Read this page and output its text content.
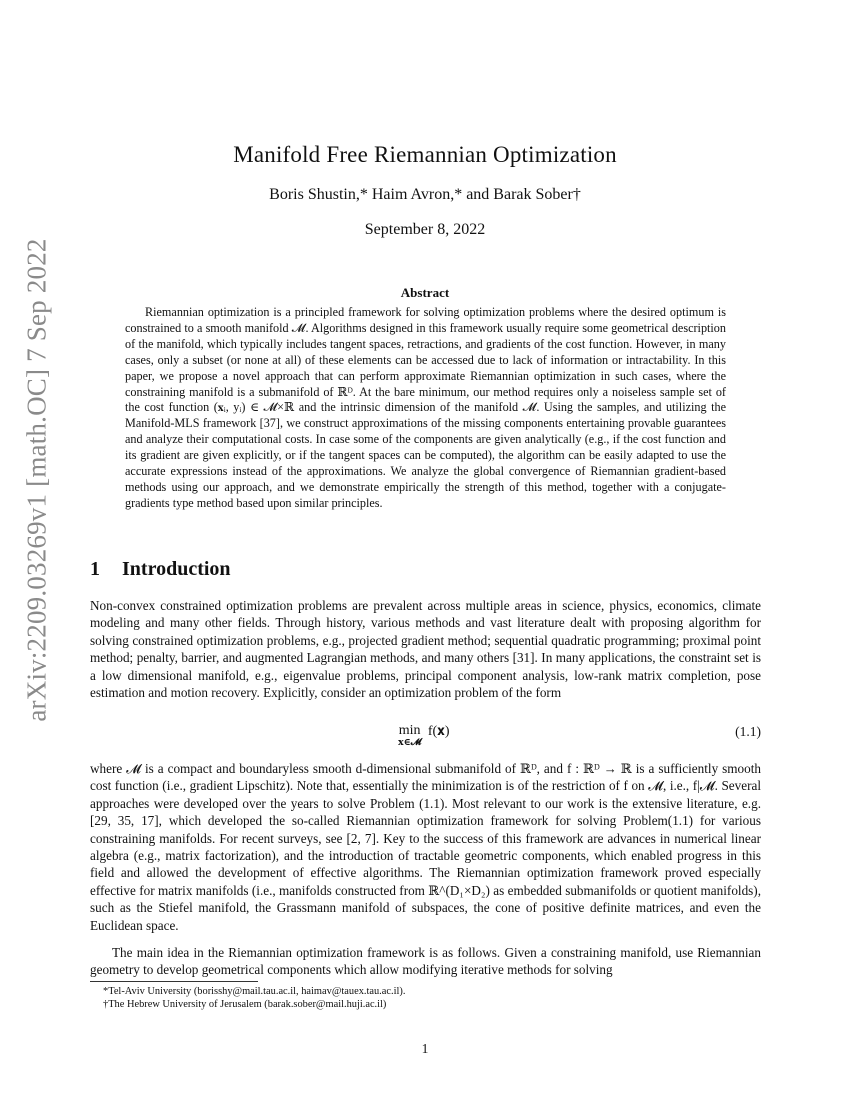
arXiv:2209.03269v1 [math.OC] 7 Sep 2022
Manifold Free Riemannian Optimization
Boris Shustin,* Haim Avron,* and Barak Sober†
September 8, 2022
Abstract

Riemannian optimization is a principled framework for solving optimization problems where the desired optimum is constrained to a smooth manifold 𝓜. Algorithms designed in this framework usually require some geometrical description of the manifold, which typically includes tangent spaces, retractions, and gradients of the cost function. However, in many cases, only a subset (or none at all) of these elements can be accessed due to lack of information or intractability. In this paper, we propose a novel approach that can perform approximate Riemannian optimization in such cases, where the constraining manifold is a submanifold of ℝᴰ. At the bare minimum, our method requires only a noiseless sample set of the cost function (𝐱ᵢ, yᵢ) ∈ 𝓜×ℝ and the intrinsic dimension of the manifold 𝓜. Using the samples, and utilizing the Manifold-MLS framework [37], we construct approximations of the missing components entertaining provable guarantees and analyze their computational costs. In case some of the components are given analytically (e.g., if the cost function and its gradient are given explicitly, or if the tangent spaces can be computed), the algorithm can be easily adapted to use the accurate expressions instead of the approximations. We analyze the global convergence of Riemannian gradient-based methods using our approach, and we demonstrate empirically the strength of this method, together with a conjugate-gradients type method based upon similar principles.

1 Introduction

Non-convex constrained optimization problems are prevalent across multiple areas in science, physics, economics, climate modeling and many other fields. Through history, various methods and vast literature dealt with proposing algorithm for solving constrained optimization problems, e.g., projected gradient method; sequential quadratic programming; proximal point method; penalty, barrier, and augmented Lagrangian methods, and many others [31]. In many applications, the constraint set is a low dimensional manifold, e.g., eigenvalue problems, principal component analysis, low-rank matrix completion, pose estimation and motion recovery. Explicitly, consider an optimization problem of the form

min
𝐱∈𝓜
f(𝐱)	(1.1)

where 𝓜 is a compact and boundaryless smooth d-dimensional submanifold of ℝᴰ, and f : ℝᴰ → ℝ is a sufficiently smooth cost function (i.e., gradient Lipschitz). Note that, essentially the minimization is of the restriction of f on 𝓜, i.e., f|𝓜. Several approaches were developed over the years to solve Problem (1.1). Most relevant to our work is the extensive literature, e.g. [29, 35, 17], which developed the so-called Riemannian optimization framework for solving Problem(1.1) for various constraining manifolds. For recent surveys, see [2, 7]. Key to the success of this framework are advances in numerical linear algebra (e.g., matrix factorization), and the introduction of tractable geometric components, which enabled progress in this field and allowed the development of effective algorithms. The Riemannian optimization framework proved especially effective for matrix manifolds (i.e., manifolds constructed from ℝ^(D₁×D₂) as embedded submanifolds or quotient manifolds), such as the Stiefel manifold, the Grassmann manifold of subspaces, the cone of positive definite matrices, and even the Euclidean space.

The main idea in the Riemannian optimization framework is as follows. Given a constraining manifold, use Riemannian geometry to develop geometrical components which allow modifying iterative methods for solving

*Tel-Aviv University (borisshy@mail.tau.ac.il, haimav@tauex.tau.ac.il).
†The Hebrew University of Jerusalem (barak.sober@mail.huji.ac.il)
1
